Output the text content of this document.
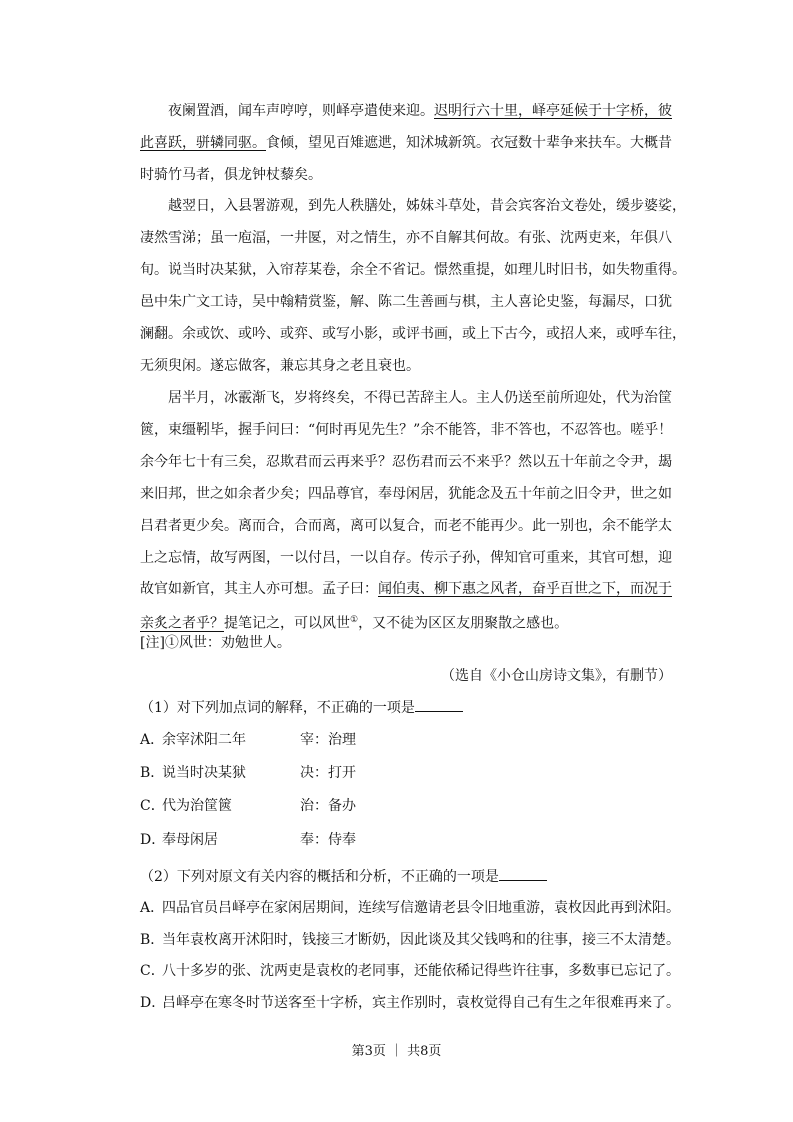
夜阑置酒，闻车声哼哼，则峄亭遣使来迎。迟明行六十里，峄亭延候于十字桥，彼
此喜跃，骈辚同驱。食倾，望见百雉遮迣，知沭城新筑。衣冠数十辈争来扶车。大概昔
时骑竹马者，俱龙钟杖藜矣。
越翌日，入县署游观，到先人秩膳处，姊妹斗草处，昔会宾客治文卷处，缓步婆娑，
凄然雪涕；虽一庖湢，一井匽，对之情生，亦不自解其何故。有张、沈两吏来，年俱八
旬。说当时决某狱，入帘荐某卷，余全不省记。憬然重提，如理儿时旧书，如失物重得。
邑中朱广文工诗，吴中翰精赏鉴，解、陈二生善画与棋，主人喜论史鉴，每漏尽，口犹
澜翻。余或饮、或吟、或弈、或写小影，或评书画，或上下古今，或招人来，或呼车往，
无须臾闲。遂忘做客，兼忘其身之老且衰也。
居半月，冰霰渐飞，岁将终矣，不得已苦辞主人。主人仍送至前所迎处，代为治筐
篋，束缰靷毕，握手问曰：“何时再见先生？”余不能答，非不答也，不忍答也。嗟乎！
余今年七十有三矣，忍欺君而云再来乎？忍伤君而云不来乎？然以五十年前之令尹，朅
来旧邦，世之如余者少矣；四品尊官，奉母闲居，犹能念及五十年前之旧令尹，世之如
吕君者更少矣。离而合，合而离，离可以复合，而老不能再少。此一别也，余不能学太
上之忘情，故写两图，一以付吕，一以自存。传示子孙，俾知官可重来，其官可想，迎
故官如新官，其主人亦可想。孟子曰：闻伯夷、柳下惠之风者，奋乎百世之下，而况于
亲炙之者乎？提笔记之，可以风世①，又不徒为区区友朋聚散之感也。
[注]①风世：劝勉世人。
（选自《小仓山房诗文集》，有删节）
（1）对下列加点词的解释，不正确的一项是
A．余宰沭阳二年	宰：治理
B．说当时决某狱	决：打开
C．代为治筐篋	治：备办
D．奉母闲居	奉：侍奉
（2）下列对原文有关内容的概括和分析，不正确的一项是
A．四品官员吕峄亭在家闲居期间，连续写信邀请老县令旧地重游，袁枚因此再到沭阳。
B．当年袁枚离开沭阳时，钱接三才断奶，因此谈及其父钱鸣和的往事，接三不太清楚。
C．八十多岁的张、沈两吏是袁枚的老同事，还能依稀记得些许往事，多数事已忘记了。
D．吕峄亭在寒冬时节送客至十字桥，宾主作别时，袁枚觉得自己有生之年很难再来了。
第3页 ｜ 共8页
